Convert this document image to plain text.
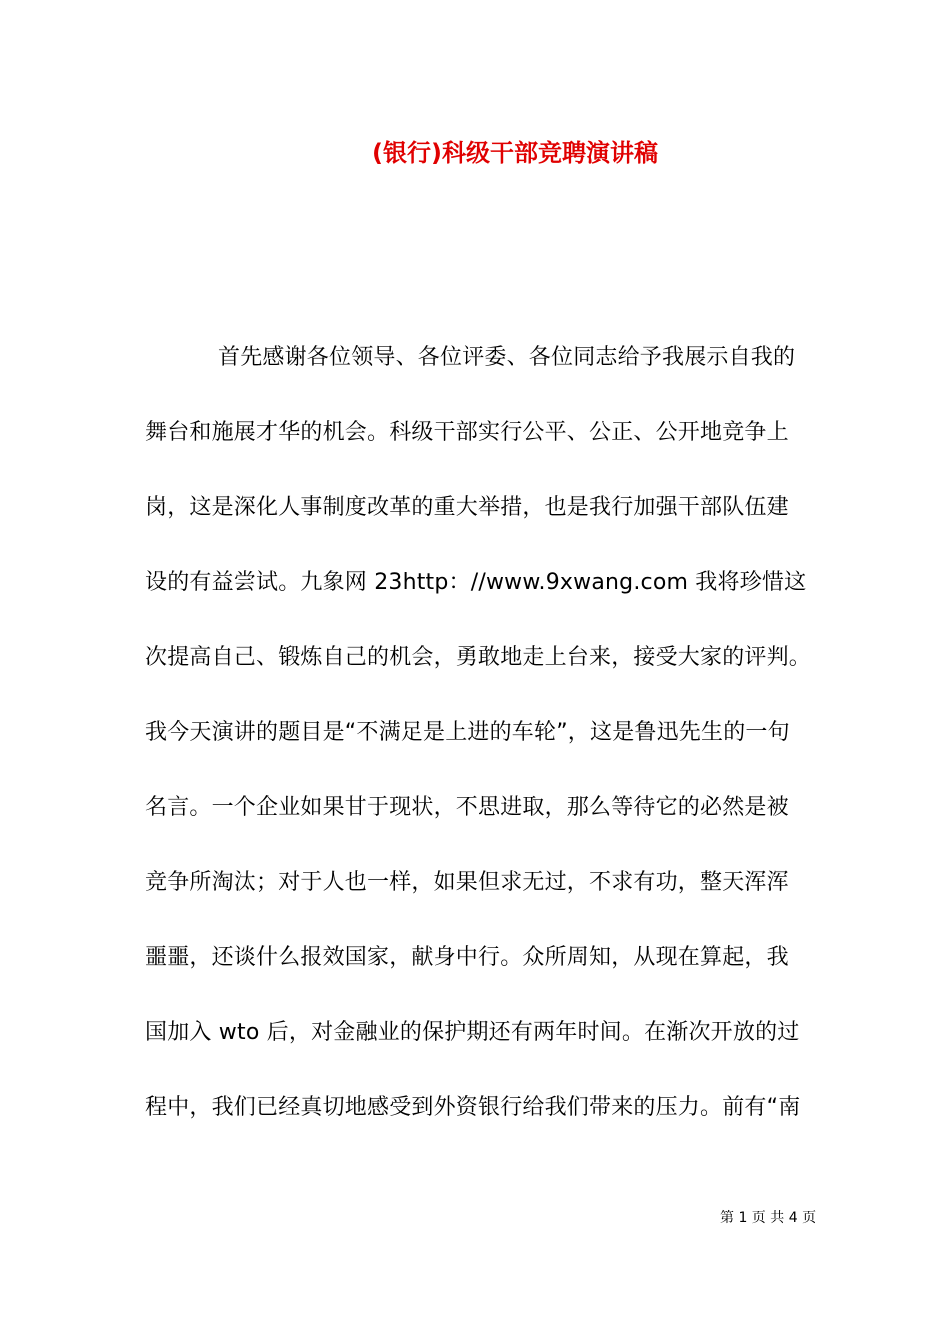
(银行)科级干部竞聘演讲稿
首先感谢各位领导、各位评委、各位同志给予我展示自我的
舞台和施展才华的机会。科级干部实行公平、公正、公开地竞争上
岗，这是深化人事制度改革的重大举措，也是我行加强干部队伍建
设的有益尝试。九象网 23http：//www.9xwang.com 我将珍惜这
次提高自己、锻炼自己的机会，勇敢地走上台来，接受大家的评判。
我今天演讲的题目是“不满足是上进的车轮”，这是鲁迅先生的一句
名言。一个企业如果甘于现状，不思进取，那么等待它的必然是被
竞争所淘汰；对于人也一样，如果但求无过，不求有功，整天浑浑
噩噩，还谈什么报效国家，献身中行。众所周知，从现在算起，我
国加入 wto 后，对金融业的保护期还有两年时间。在渐次开放的过
程中，我们已经真切地感受到外资银行给我们带来的压力。前有“南
第 1 页 共 4 页
